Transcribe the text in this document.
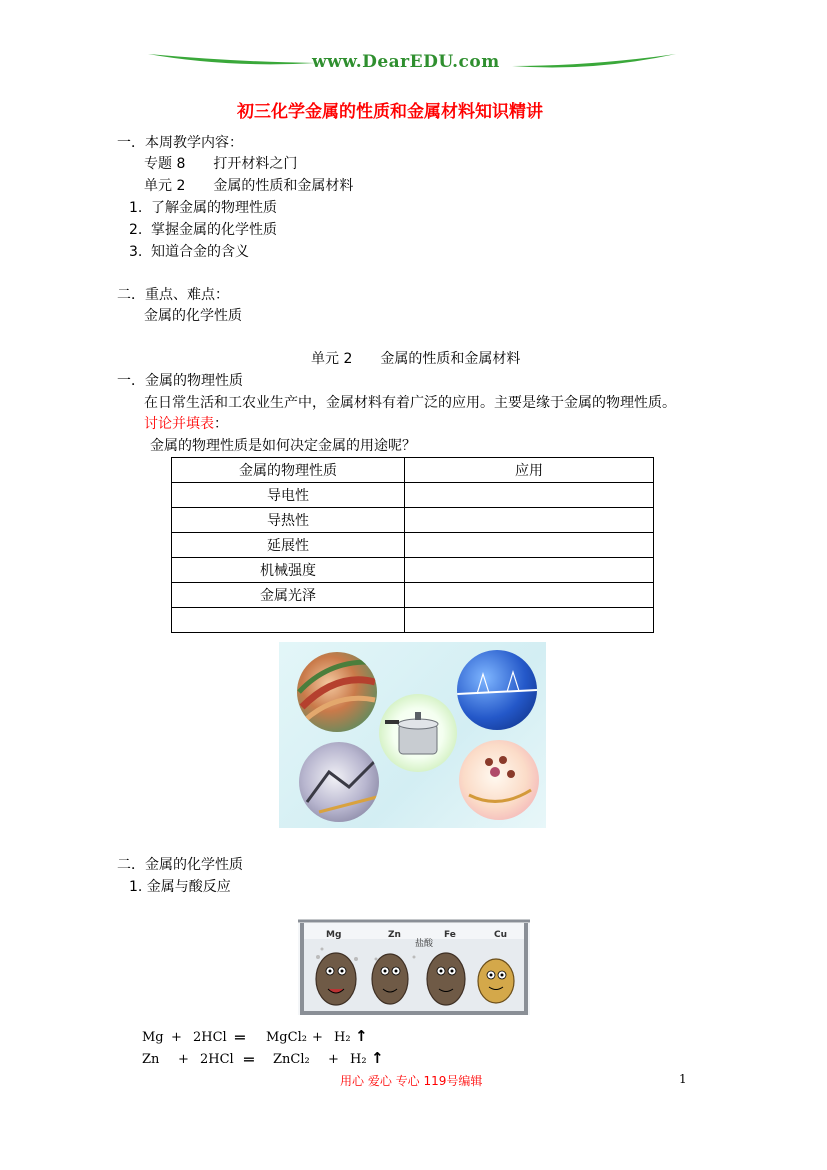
www.DearEDU.com
初三化学金属的性质和金属材料知识精讲
一．本周教学内容：
专题 8　　打开材料之门
单元 2　　金属的性质和金属材料
1. 了解金属的物理性质
2. 掌握金属的化学性质
3. 知道合金的含义
二．重点、难点：
金属的化学性质
单元 2　　金属的性质和金属材料
一．金属的物理性质
在日常生活和工农业生产中，金属材料有着广泛的应用。主要是缘于金属的物理性质。
讨论并填表：
金属的物理性质是如何决定金属的用途呢？
金属的物理性质	应用
导电性	
导热性	
延展性	
机械强度	
金属光泽	

二．金属的化学性质
1. 金属与酸反应
Mg	Zn
盐酸
Fe	Cu
Mg + 2HCl ═ MgCl₂ + H₂ ↑
Zn + 2HCl ═ ZnCl₂ + H₂ ↑
用心 爱心 专心 119号编辑	1
